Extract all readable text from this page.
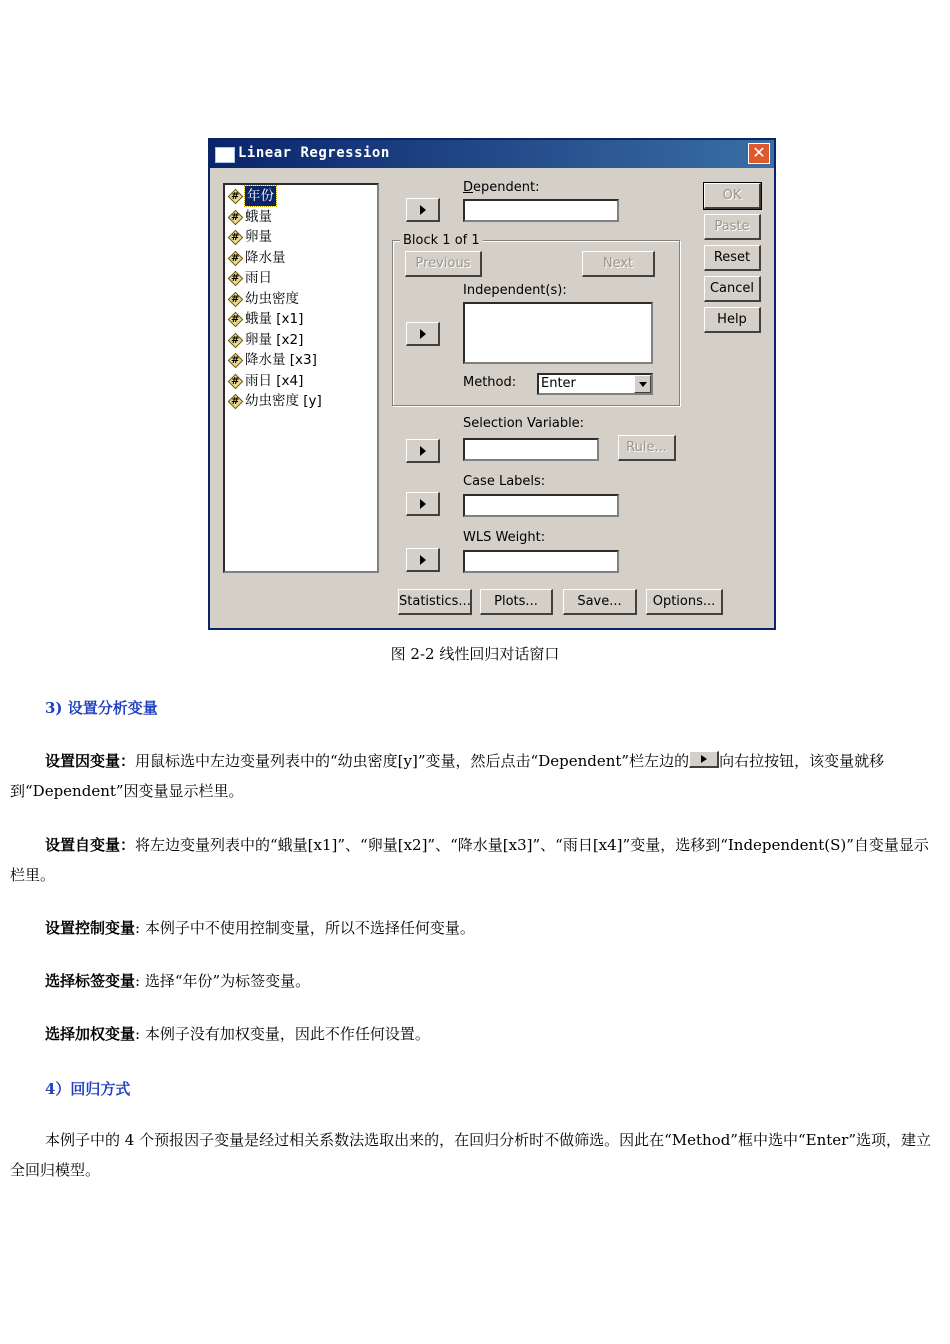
Linear Regression	✕
#
年份
#
蛾量
#
卵量
#
降水量
#
雨日
#
幼虫密度
#
蛾量 [x1]
#
卵量 [x2]
#
降水量 [x3]
#
雨日 [x4]
#
幼虫密度 [y]
Dependent:
Block 1 of 1
Previous	Next
Independent(s):
Method:	Enter
Selection Variable:
Rule...
Case Labels:
WLS Weight:
OK
Paste
Reset
Cancel
Help
Statistics...	Plots...	Save...	Options...
图 2-2 线性回归对话窗口
3) 设置分析变量
设置因变量：用鼠标选中左边变量列表中的“幼虫密度[y]”变量，然后点击“Dependent”栏左边的 向右拉按钮，该变量就移到“Dependent”因变量显示栏里。
设置自变量：将左边变量列表中的“蛾量[x1]”、“卵量[x2]”、“降水量[x3]”、“雨日[x4]”变量，选移到“Independent(S)”自变量显示栏里。
设置控制变量: 本例子中不使用控制变量，所以不选择任何变量。
选择标签变量: 选择“年份”为标签变量。
选择加权变量: 本例子没有加权变量，因此不作任何设置。
4）回归方式
本例子中的 4 个预报因子变量是经过相关系数法选取出来的，在回归分析时不做筛选。因此在“Method”框中选中“Enter”选项，建立全回归模型。
